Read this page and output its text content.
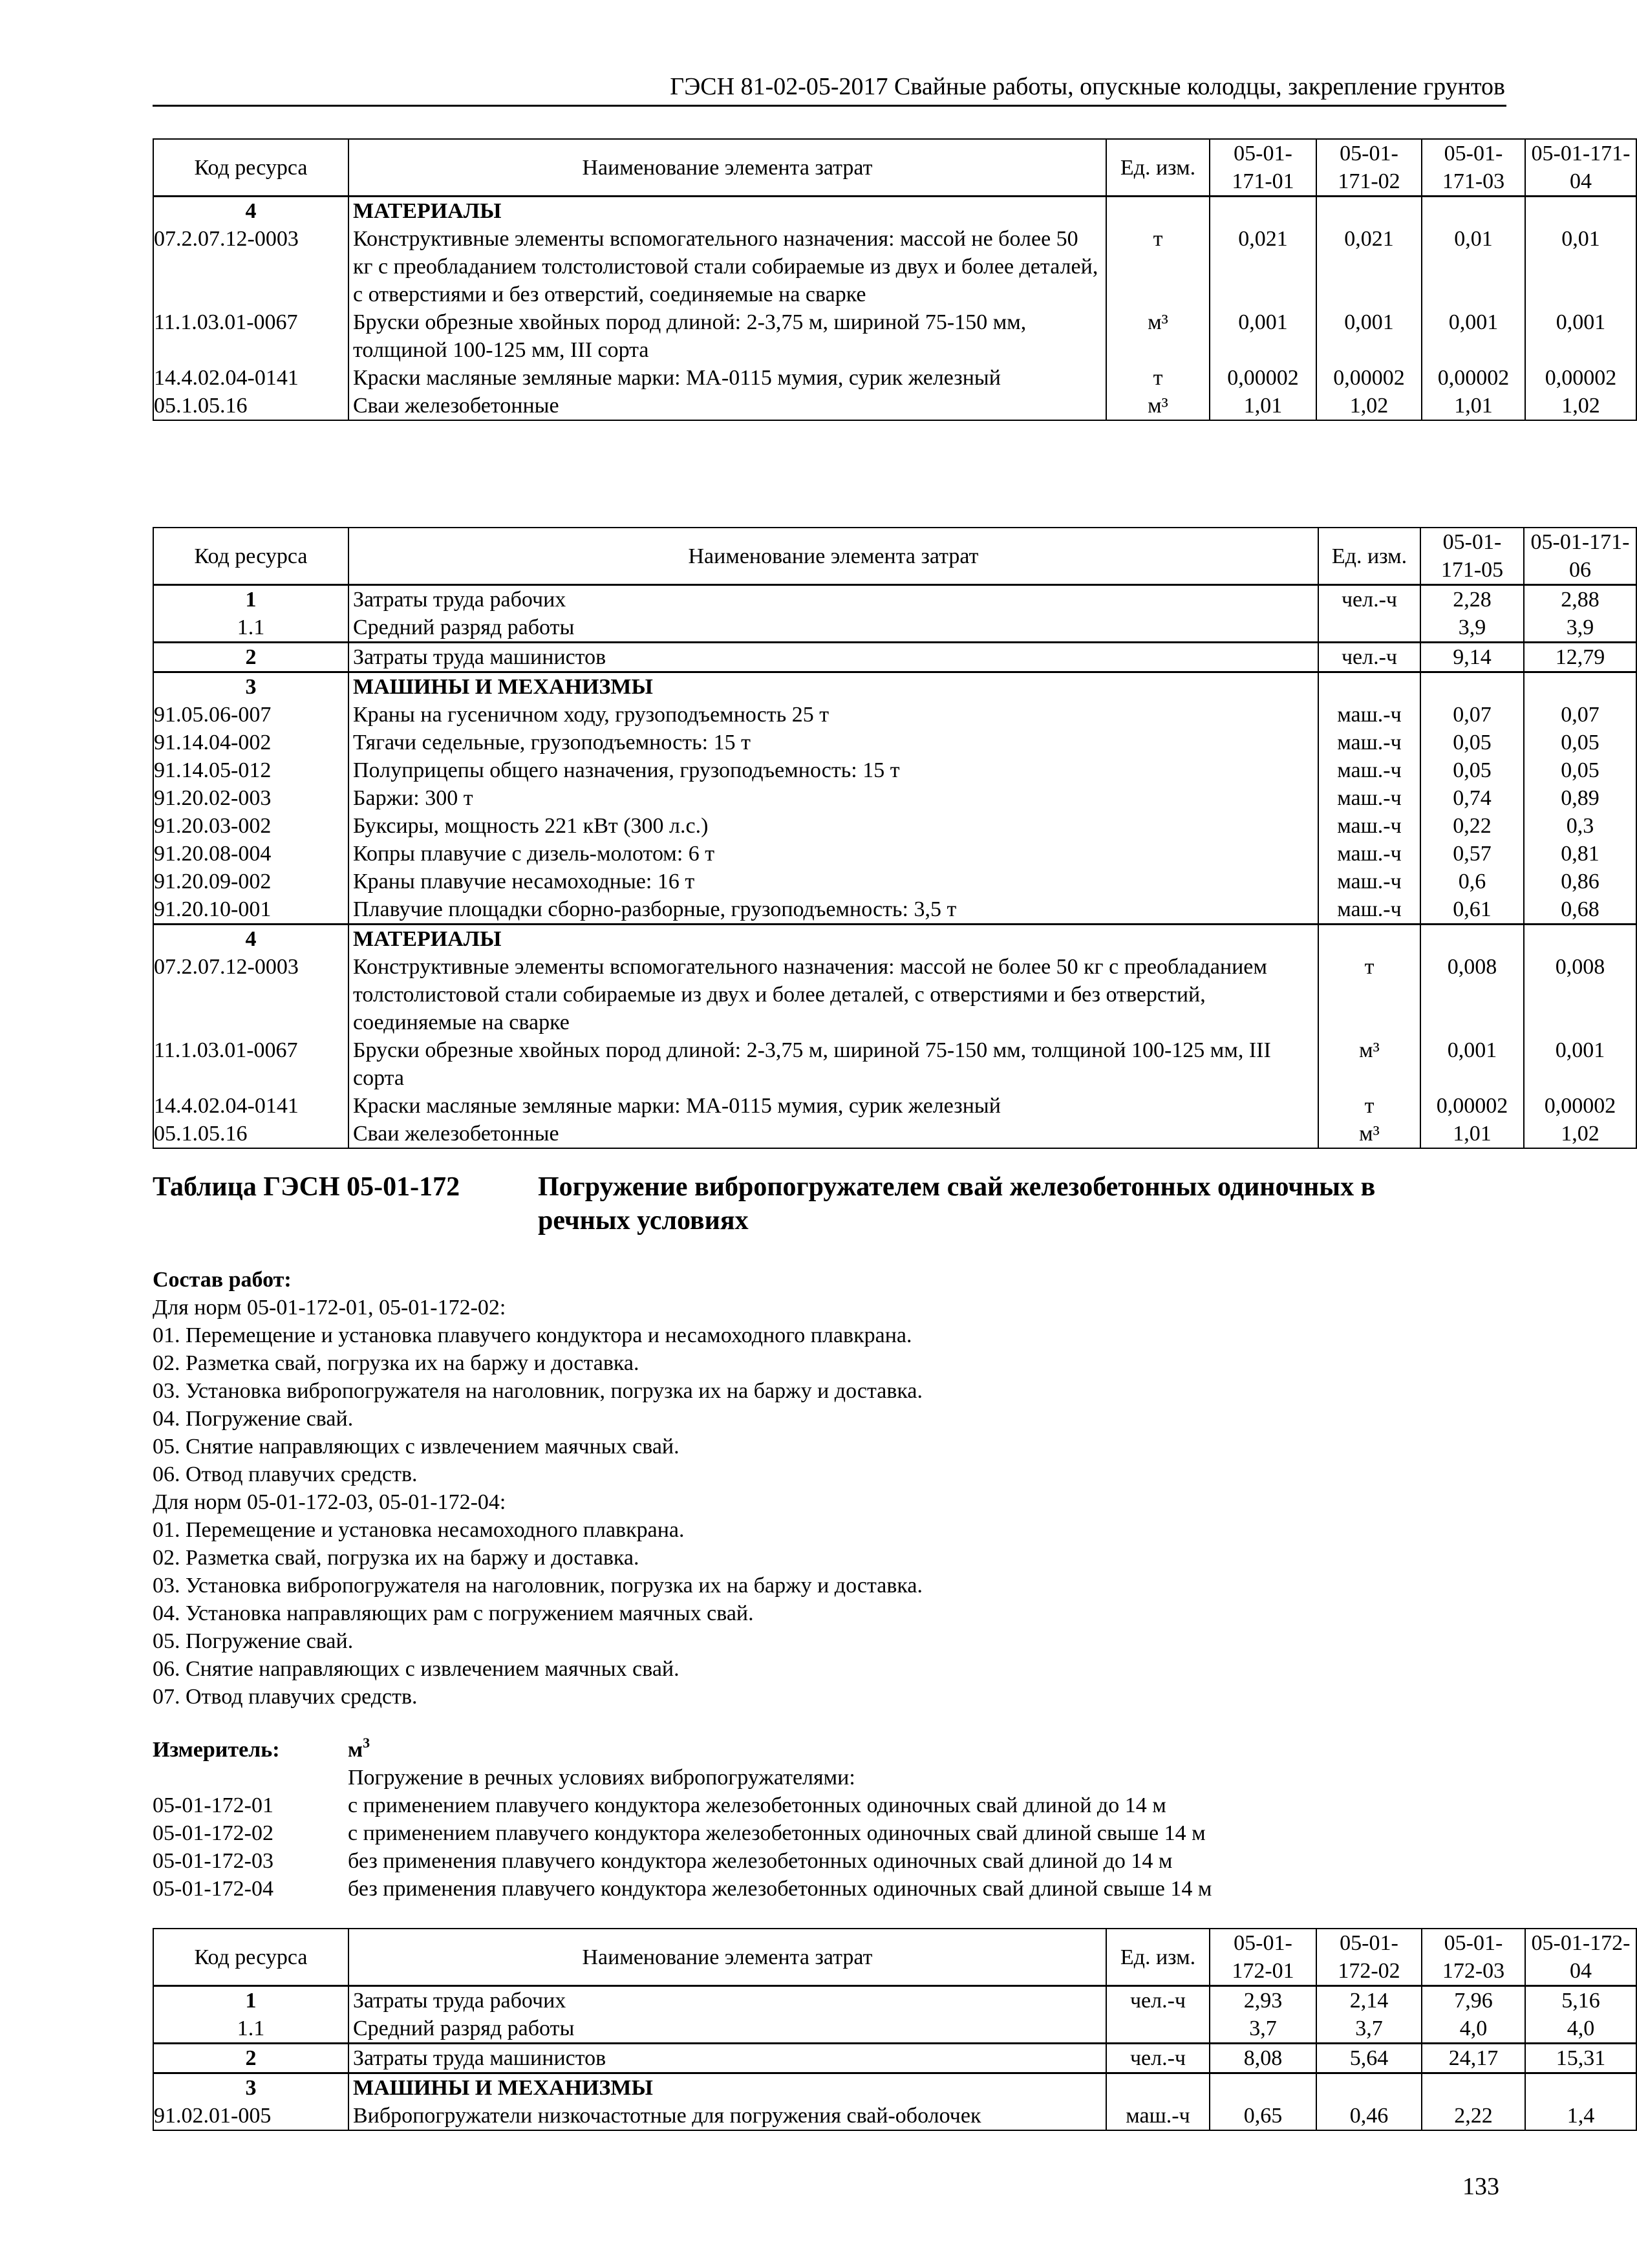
ГЭСН 81-02-05-2017 Свайные работы, опускные колодцы, закрепление грунтов
Код ресурса	Наименование элемента затрат	Ед. изм.	05-01-171-01	05-01-171-02	05-01-171-03	05-01-171-04
4	МАТЕРИАЛЫ					
07.2.07.12-0003	Конструктивные элементы вспомогательного назначения: массой не более 50 кг с преобладанием толстолистовой стали собираемые из двух и более деталей, с отверстиями и без отверстий, соединяемые на сварке	т	0,021	0,021	0,01	0,01
11.1.03.01-0067	Бруски обрезные хвойных пород длиной: 2-3,75 м, шириной 75-150 мм, толщиной 100-125 мм, III сорта	м³	0,001	0,001	0,001	0,001
14.4.02.04-0141	Краски масляные земляные марки: МА-0115 мумия, сурик железный	т	0,00002	0,00002	0,00002	0,00002
05.1.05.16	Сваи железобетонные	м³	1,01	1,02	1,01	1,02
Код ресурса	Наименование элемента затрат	Ед. изм.	05-01-171-05	05-01-171-06
1	Затраты труда рабочих	чел.-ч	2,28	2,88
1.1	Средний разряд работы		3,9	3,9
2	Затраты труда машинистов	чел.-ч	9,14	12,79
3	МАШИНЫ И МЕХАНИЗМЫ			
91.05.06-007	Краны на гусеничном ходу, грузоподъемность 25 т	маш.-ч	0,07	0,07
91.14.04-002	Тягачи седельные, грузоподъемность: 15 т	маш.-ч	0,05	0,05
91.14.05-012	Полуприцепы общего назначения, грузоподъемность: 15 т	маш.-ч	0,05	0,05
91.20.02-003	Баржи: 300 т	маш.-ч	0,74	0,89
91.20.03-002	Буксиры, мощность 221 кВт (300 л.с.)	маш.-ч	0,22	0,3
91.20.08-004	Копры плавучие с дизель-молотом: 6 т	маш.-ч	0,57	0,81
91.20.09-002	Краны плавучие несамоходные: 16 т	маш.-ч	0,6	0,86
91.20.10-001	Плавучие площадки сборно-разборные, грузоподъемность: 3,5 т	маш.-ч	0,61	0,68
4	МАТЕРИАЛЫ			
07.2.07.12-0003	Конструктивные элементы вспомогательного назначения: массой не более 50 кг с преобладанием толстолистовой стали собираемые из двух и более деталей, с отверстиями и без отверстий, соединяемые на сварке	т	0,008	0,008
11.1.03.01-0067	Бруски обрезные хвойных пород длиной: 2-3,75 м, шириной 75-150 мм, толщиной 100-125 мм, III сорта	м³	0,001	0,001
14.4.02.04-0141	Краски масляные земляные марки: МА-0115 мумия, сурик железный	т	0,00002	0,00002
05.1.05.16	Сваи железобетонные	м³	1,01	1,02
Таблица ГЭСН 05-01-172	Погружение вибропогружателем свай железобетонных одиночных в речных условиях
Состав работ:
Для норм 05-01-172-01, 05-01-172-02:
01. Перемещение и установка плавучего кондуктора и несамоходного плавкрана.
02. Разметка свай, погрузка их на баржу и доставка.
03. Установка вибропогружателя на наголовник, погрузка их на баржу и доставка.
04. Погружение свай.
05. Снятие направляющих с извлечением маячных свай.
06. Отвод плавучих средств.
Для норм 05-01-172-03, 05-01-172-04:
01. Перемещение и установка несамоходного плавкрана.
02. Разметка свай, погрузка их на баржу и доставка.
03. Установка вибропогружателя на наголовник, погрузка их на баржу и доставка.
04. Установка направляющих рам с погружением маячных свай.
05. Погружение свай.
06. Снятие направляющих с извлечением маячных свай.
07. Отвод плавучих средств.
Измеритель:	$м^3$
Погружение в речных условиях вибропогружателями:
05-01-172-01	с применением плавучего кондуктора железобетонных одиночных свай длиной до 14 м
05-01-172-02	с применением плавучего кондуктора железобетонных одиночных свай длиной свыше 14 м
05-01-172-03	без применения плавучего кондуктора железобетонных одиночных свай длиной до 14 м
05-01-172-04	без применения плавучего кондуктора железобетонных одиночных свай длиной свыше 14 м
Код ресурса	Наименование элемента затрат	Ед. изм.	05-01-172-01	05-01-172-02	05-01-172-03	05-01-172-04
1	Затраты труда рабочих	чел.-ч	2,93	2,14	7,96	5,16
1.1	Средний разряд работы		3,7	3,7	4,0	4,0
2	Затраты труда машинистов	чел.-ч	8,08	5,64	24,17	15,31
3	МАШИНЫ И МЕХАНИЗМЫ					
91.02.01-005	Вибропогружатели низкочастотные для погружения свай-оболочек	маш.-ч	0,65	0,46	2,22	1,4
133
